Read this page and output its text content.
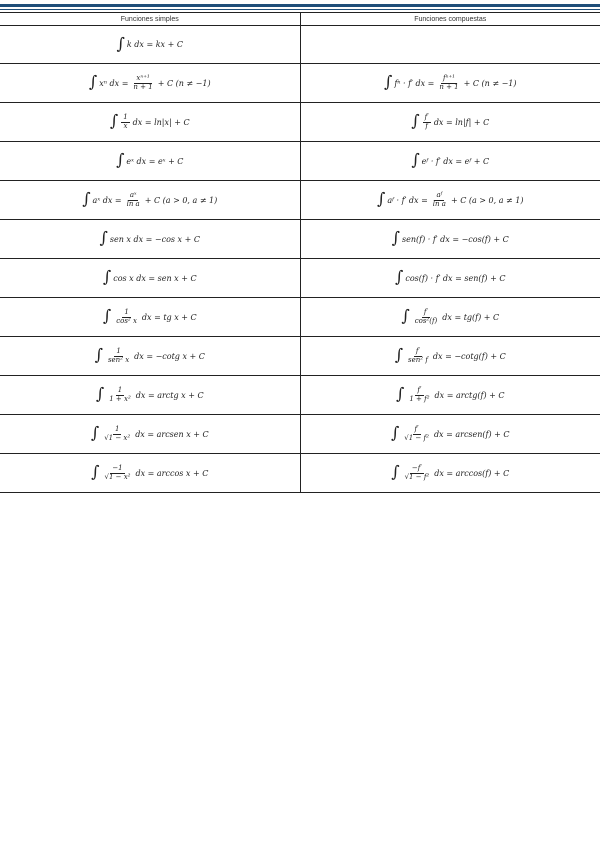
Funciones simples	Funciones compuestas

∫ k dx = kx + C	

∫ xⁿ dx = $\frac{\text{xⁿ⁺¹}}{n + 1} + C$ (n ≠ −1)	∫ fⁿ · f′ dx = $\frac{\text{fⁿ⁺¹}}{n + 1} + C$ (n ≠ −1)

∫ $\frac{1}{x}$ dx = ln|x| + C	∫ $\frac{f'}{f}$ dx = ln|f| + C

∫ eˣ dx = eˣ + C	∫ eᶠ · f′ dx = eᶠ + C

∫ aˣ dx = $\frac{\text{aˣ}}{\text{ln a}} + C$ (a > 0, a ≠ 1)	∫ aᶠ · f′ dx = $\frac{\text{aᶠ}}{\text{ln a}} + C$ (a > 0, a ≠ 1)

∫ sen x dx = −cos x + C	∫ sen(f) · f′ dx = −cos(f) + C

∫ cos x dx = sen x + C	∫ cos(f) · f′ dx = sen(f) + C

∫ $\frac{1}{\text{cos² x}}$ dx = tg x + C	∫ $\frac{f'}{\text{cos²(f)}}$ dx = tg(f) + C

∫ $\frac{1}{\text{sen² x}}$ dx = −cotg x + C	∫ $\frac{f'}{\text{sen² f}}$ dx = −cotg(f) + C

∫ $\frac{1}{\text{1 + x²}}$ dx = arctg x + C	∫ $\frac{f'}{\text{1 + f²}}$ dx = arctg(f) + C

∫ $\frac{1}{\text{√1 − x²}}$ dx = arcsen x + C	∫ $\frac{f'}{\text{√1 − f²}}$ dx = arcsen(f) + C

∫ $\frac{-1}{\text{√1 − x²}}$ dx = arccos x + C	∫ $\frac{-f'}{\text{√1 − f²}}$ dx = arccos(f) + C
